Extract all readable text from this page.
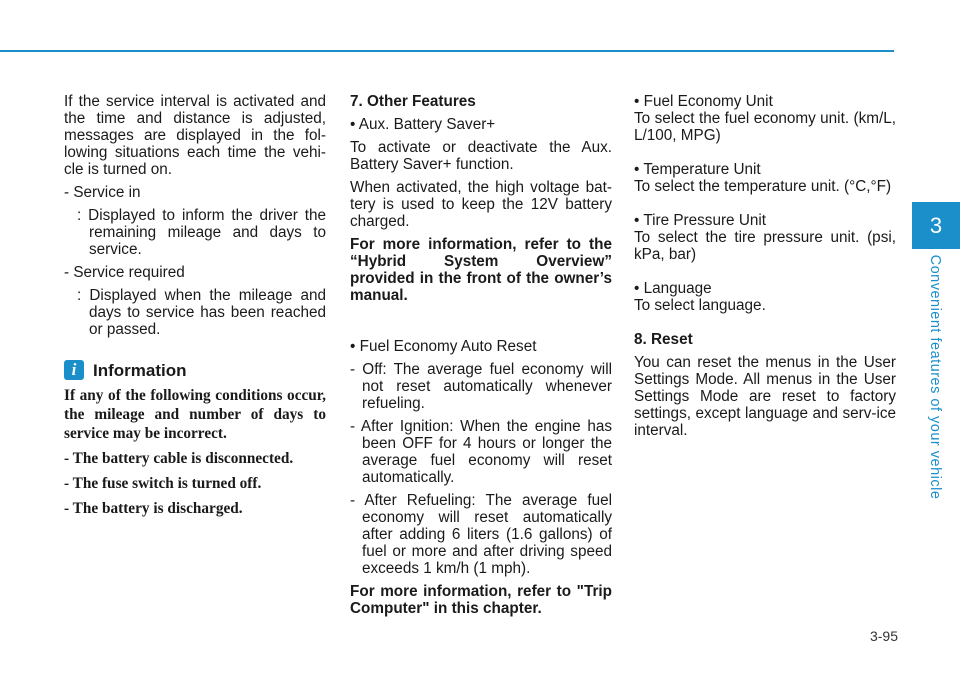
If the service interval is activated and the time and distance is adjusted, messages are displayed in the fol-lowing situations each time the vehi-cle is turned on.

- Service in

: Displayed to inform the driver the remaining mileage and days to service.

- Service required

: Displayed when the mileage and days to service has been reached or passed.

i Information

If any of the following conditions occur, the mileage and number of days to service may be incorrect.

- The battery cable is disconnected.

- The fuse switch is turned off.

- The battery is discharged.

7. Other Features

• Aux. Battery Saver+

To activate or deactivate the Aux. Battery Saver+ function.

When activated, the high voltage bat-tery is used to keep the 12V battery charged.

For more information, refer to the “Hybrid System Overview” provided in the front of the owner’s manual.

• Fuel Economy Auto Reset

- Off: The average fuel economy will not reset automatically whenever refueling.

- After Ignition: When the engine has been OFF for 4 hours or longer the average fuel economy will reset automatically.

- After Refueling: The average fuel economy will reset automatically after adding 6 liters (1.6 gallons) of fuel or more and after driving speed exceeds 1 km/h (1 mph).

For more information, refer to "Trip Computer" in this chapter.

• Fuel Economy Unit

To select the fuel economy unit. (km/L, L/100, MPG)

• Temperature Unit

To select the temperature unit. (°C,°F)

• Tire Pressure Unit

To select the tire pressure unit. (psi, kPa, bar)

• Language

To select language.

8. Reset

You can reset the menus in the User Settings Mode. All menus in the User Settings Mode are reset to factory settings, except language and serv-ice interval.

3
Convenient features of your vehicle
3-95
